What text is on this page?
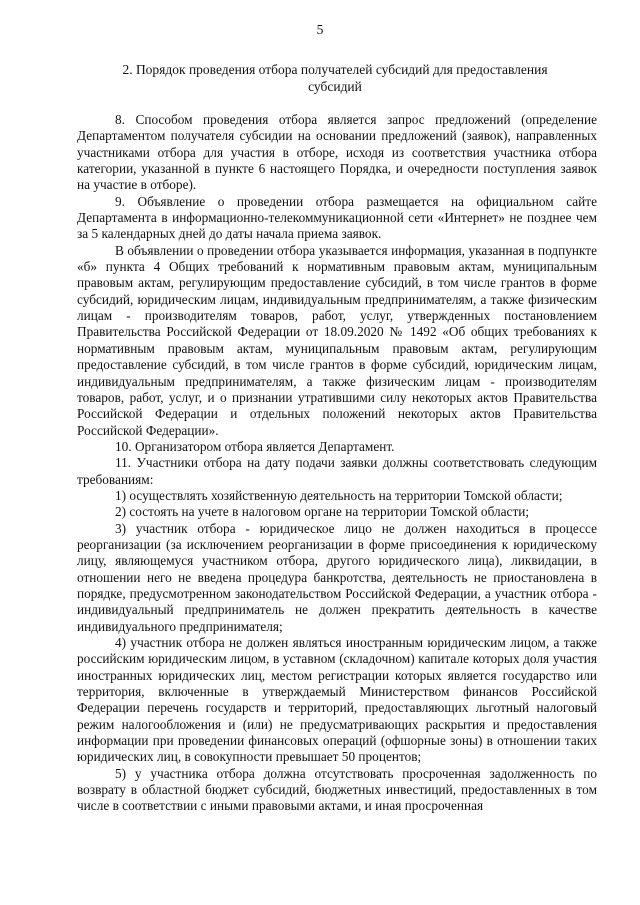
5
2. Порядок проведения отбора получателей субсидий для предоставления субсидий

8. Способом проведения отбора является запрос предложений (определение Департаментом получателя субсидии на основании предложений (заявок), направленных участниками отбора для участия в отборе, исходя из соответствия участника отбора категории, указанной в пункте 6 настоящего Порядка, и очередности поступления заявок на участие в отборе).

9. Объявление о проведении отбора размещается на официальном сайте Департамента в информационно-телекоммуникационной сети «Интернет» не позднее чем за 5 календарных дней до даты начала приема заявок.

В объявлении о проведении отбора указывается информация, указанная в подпункте «б» пункта 4 Общих требований к нормативным правовым актам, муниципальным правовым актам, регулирующим предоставление субсидий, в том числе грантов в форме субсидий, юридическим лицам, индивидуальным предпринимателям, а также физическим лицам - производителям товаров, работ, услуг, утвержденных постановлением Правительства Российской Федерации от 18.09.2020 № 1492 «Об общих требованиях к нормативным правовым актам, муниципальным правовым актам, регулирующим предоставление субсидий, в том числе грантов в форме субсидий, юридическим лицам, индивидуальным предпринимателям, а также физическим лицам - производителям товаров, работ, услуг, и о признании утратившими силу некоторых актов Правительства Российской Федерации и отдельных положений некоторых актов Правительства Российской Федерации».

10. Организатором отбора является Департамент.

11. Участники отбора на дату подачи заявки должны соответствовать следующим требованиям:

1) осуществлять хозяйственную деятельность на территории Томской области;

2) состоять на учете в налоговом органе на территории Томской области;

3) участник отбора - юридическое лицо не должен находиться в процессе реорганизации (за исключением реорганизации в форме присоединения к юридическому лицу, являющемуся участником отбора, другого юридического лица), ликвидации, в отношении него не введена процедура банкротства, деятельность не приостановлена в порядке, предусмотренном законодательством Российской Федерации, а участник отбора - индивидуальный предприниматель не должен прекратить деятельность в качестве индивидуального предпринимателя;

4) участник отбора не должен являться иностранным юридическим лицом, а также российским юридическим лицом, в уставном (складочном) капитале которых доля участия иностранных юридических лиц, местом регистрации которых является государство или территория, включенные в утверждаемый Министерством финансов Российской Федерации перечень государств и территорий, предоставляющих льготный налоговый режим налогообложения и (или) не предусматривающих раскрытия и предоставления информации при проведении финансовых операций (офшорные зоны) в отношении таких юридических лиц, в совокупности превышает 50 процентов;

5) у участника отбора должна отсутствовать просроченная задолженность по возврату в областной бюджет субсидий, бюджетных инвестиций, предоставленных в том числе в соответствии с иными правовыми актами, и иная просроченная
